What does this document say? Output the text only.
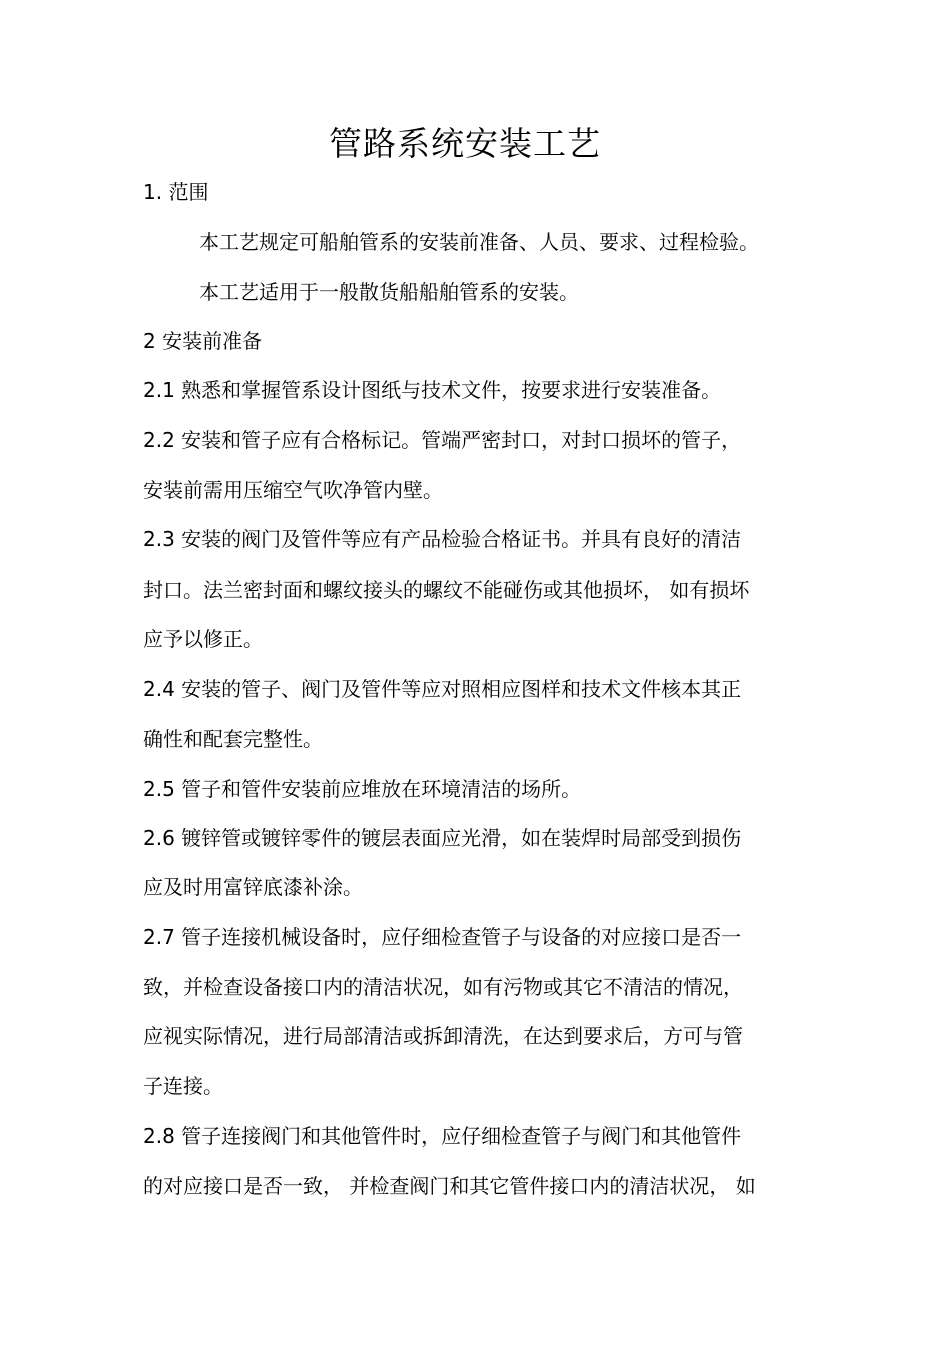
管路系统安装工艺
1. 范围
本工艺规定可船舶管系的安装前准备、人员、要求、过程检验。
本工艺适用于一般散货船船舶管系的安装。
2 安装前准备
2.1 熟悉和掌握管系设计图纸与技术文件，按要求进行安装准备。
2.2 安装和管子应有合格标记。管端严密封口，对封口损坏的管子，
安装前需用压缩空气吹净管内壁。
2.3 安装的阀门及管件等应有产品检验合格证书。并具有良好的清洁
封口。法兰密封面和螺纹接头的螺纹不能碰伤或其他损坏， 如有损坏
应予以修正。
2.4 安装的管子、阀门及管件等应对照相应图样和技术文件核本其正
确性和配套完整性。
2.5 管子和管件安装前应堆放在环境清洁的场所。
2.6 镀锌管或镀锌零件的镀层表面应光滑，如在装焊时局部受到损伤
应及时用富锌底漆补涂。
2.7 管子连接机械设备时，应仔细检查管子与设备的对应接口是否一
致，并检查设备接口内的清洁状况，如有污物或其它不清洁的情况，
应视实际情况，进行局部清洁或拆卸清洗，在达到要求后，方可与管
子连接。
2.8 管子连接阀门和其他管件时，应仔细检查管子与阀门和其他管件
的对应接口是否一致， 并检查阀门和其它管件接口内的清洁状况， 如
